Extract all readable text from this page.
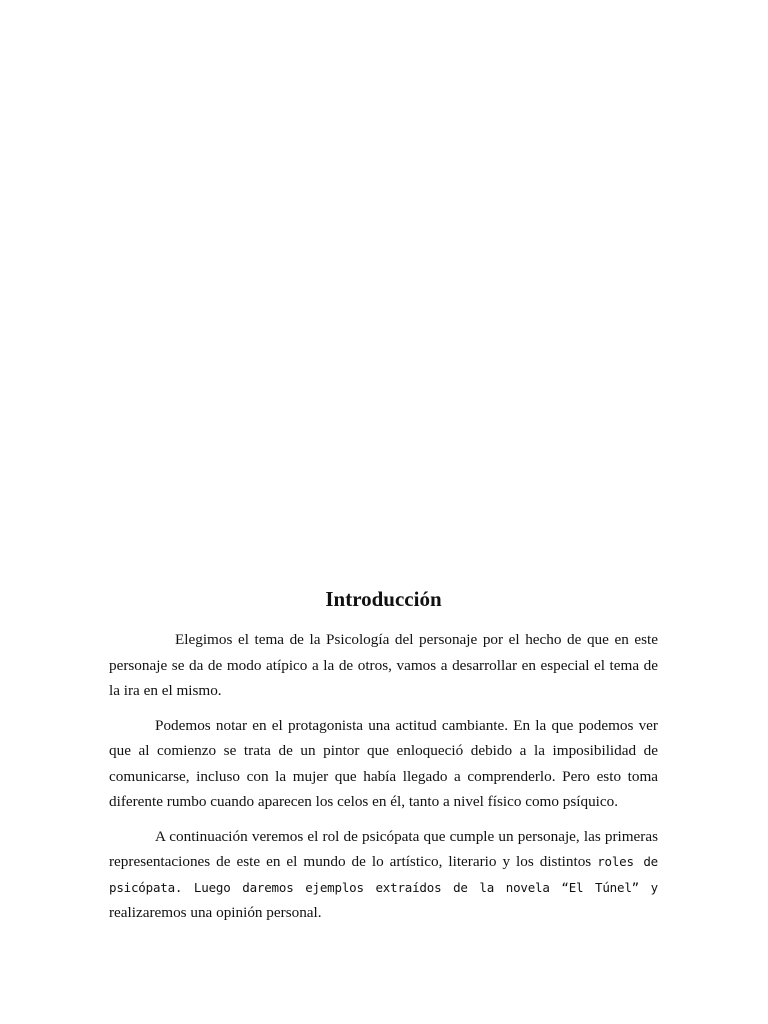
Introducción

Elegimos el tema de la Psicología del personaje por el hecho de que en este personaje se da de modo atípico a la de otros, vamos a desarrollar en especial el tema de la ira en el mismo.

Podemos notar en el protagonista una actitud cambiante. En la que podemos ver que al comienzo se trata de un pintor que enloqueció debido a la imposibilidad de comunicarse, incluso con la mujer que había llegado a comprenderlo. Pero esto toma diferente rumbo cuando aparecen los celos en él, tanto a nivel físico como psíquico.

A continuación veremos el rol de psicópata que cumple un personaje, las primeras representaciones de este en el mundo de lo artístico, literario y los distintos roles de psicópata. Luego daremos ejemplos extraídos de la novela “El Túnel” y realizaremos una opinión personal.
